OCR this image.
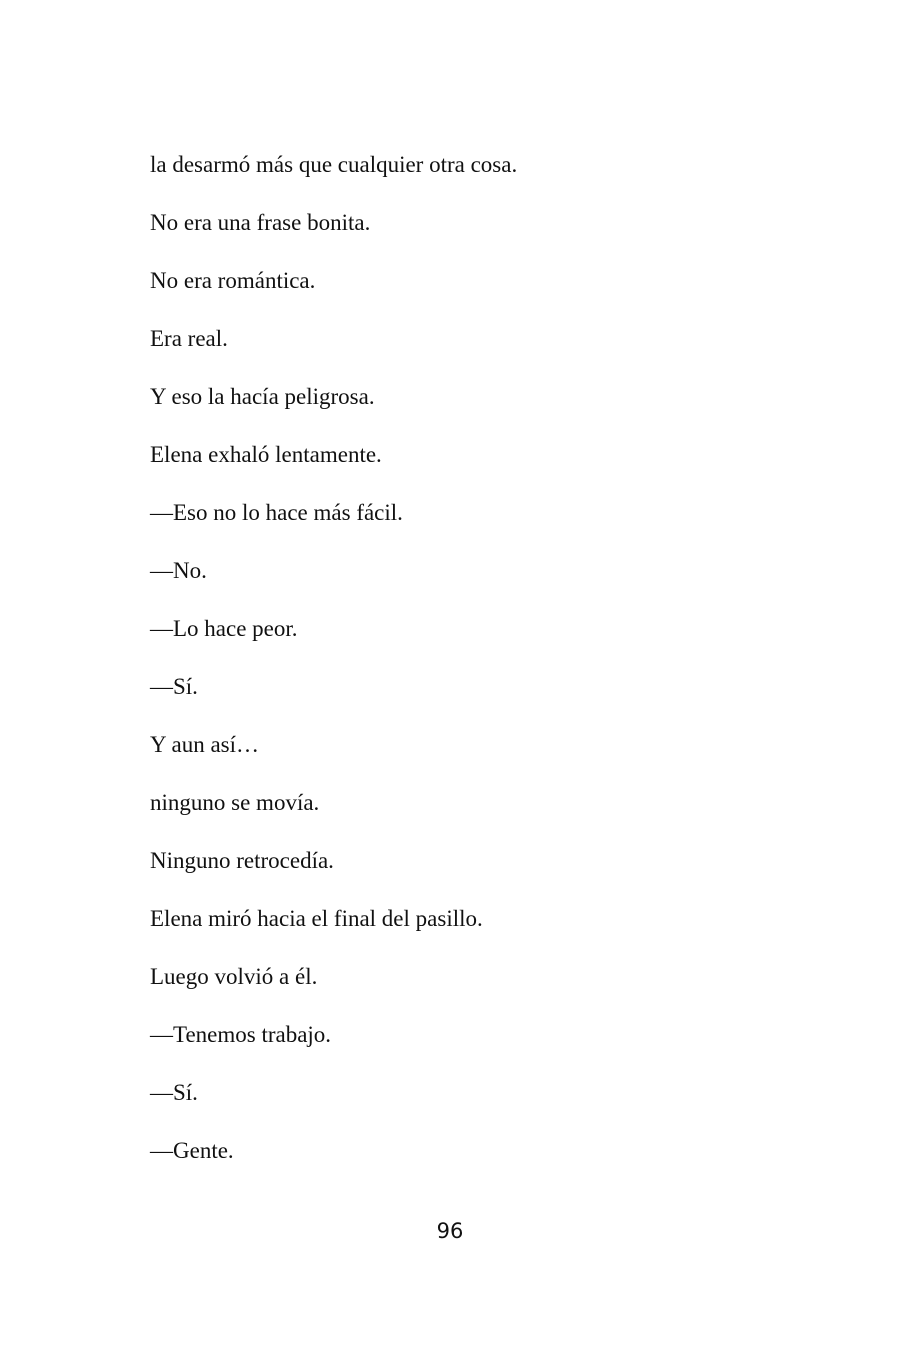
la desarmó más que cualquier otra cosa.

No era una frase bonita.

No era romántica.

Era real.

Y eso la hacía peligrosa.

Elena exhaló lentamente.

—Eso no lo hace más fácil.

—No.

—Lo hace peor.

—Sí.

Y aun así…

ninguno se movía.

Ninguno retrocedía.

Elena miró hacia el final del pasillo.

Luego volvió a él.

—Tenemos trabajo.

—Sí.

—Gente.

96
